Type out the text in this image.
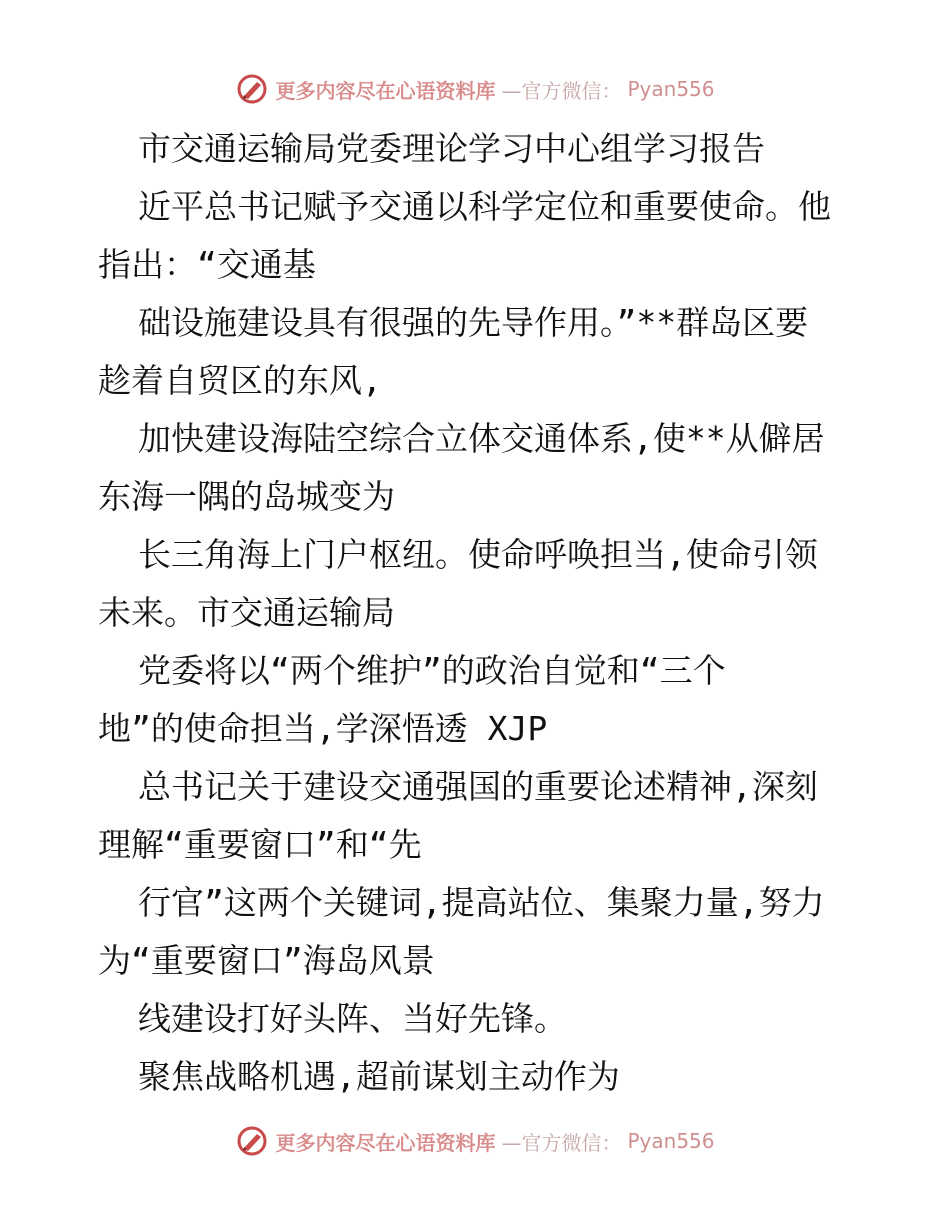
更多内容尽在心语资料库 —官方微信： Pyan556
市交通运输局党委理论学习中心组学习报告
近平总书记赋予交通以科学定位和重要使命。他
指出：“交通基
础设施建设具有很强的先导作用。”**群岛区要
趁着自贸区的东风,
加快建设海陆空综合立体交通体系,使**从僻居
东海一隅的岛城变为
长三角海上门户枢纽。使命呼唤担当,使命引领
未来。市交通运输局
党委将以“两个维护”的政治自觉和“三个
地”的使命担当,学深悟透 XJP
总书记关于建设交通强国的重要论述精神,深刻
理解“重要窗口”和“先
行官”这两个关键词,提高站位、集聚力量,努力
为“重要窗口”海岛风景
线建设打好头阵、当好先锋。
聚焦战略机遇,超前谋划主动作为
更多内容尽在心语资料库 —官方微信： Pyan556
